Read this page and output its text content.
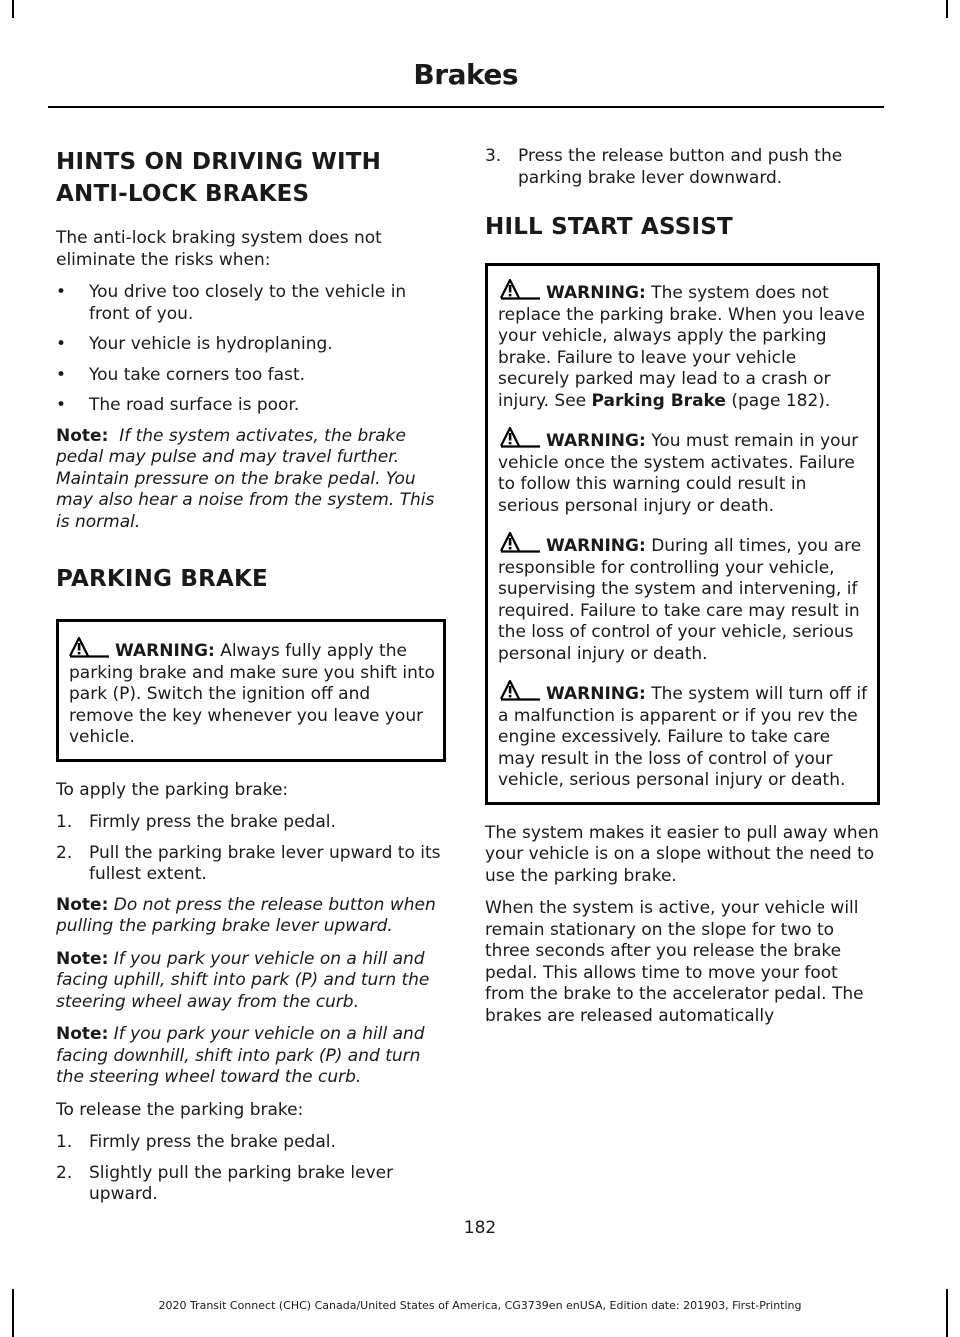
Brakes
HINTS ON DRIVING WITH
ANTI-LOCK BRAKES

The anti-lock braking system does not eliminate the risks when:

• You drive too closely to the vehicle in front of you.
• Your vehicle is hydroplaning.
• You take corners too fast.
• The road surface is poor.

Note: If the system activates, the brake pedal may pulse and may travel further. Maintain pressure on the brake pedal. You may also hear a noise from the system. This is normal.

PARKING BRAKE

WARNING: Always fully apply the parking brake and make sure you shift into park (P). Switch the ignition off and remove the key whenever you leave your vehicle.

To apply the parking brake:

1. Firmly press the brake pedal.
2. Pull the parking brake lever upward to its fullest extent.

Note: Do not press the release button when pulling the parking brake lever upward.

Note: If you park your vehicle on a hill and facing uphill, shift into park (P) and turn the steering wheel away from the curb.

Note: If you park your vehicle on a hill and facing downhill, shift into park (P) and turn the steering wheel toward the curb.

To release the parking brake:

1. Firmly press the brake pedal.
2. Slightly pull the parking brake lever upward.
3. Press the release button and push the parking brake lever downward.
HILL START ASSIST

WARNING: The system does not replace the parking brake. When you leave your vehicle, always apply the parking brake. Failure to leave your vehicle securely parked may lead to a crash or injury. See Parking Brake (page 182).

WARNING: You must remain in your vehicle once the system activates. Failure to follow this warning could result in serious personal injury or death.

WARNING: During all times, you are responsible for controlling your vehicle, supervising the system and intervening, if required. Failure to take care may result in the loss of control of your vehicle, serious personal injury or death.

WARNING: The system will turn off if a malfunction is apparent or if you rev the engine excessively. Failure to take care may result in the loss of control of your vehicle, serious personal injury or death.

The system makes it easier to pull away when your vehicle is on a slope without the need to use the parking brake.

When the system is active, your vehicle will remain stationary on the slope for two to three seconds after you release the brake pedal. This allows time to move your foot from the brake to the accelerator pedal. The brakes are released automatically

182
2020 Transit Connect (CHC) Canada/United States of America, CG3739en enUSA, Edition date: 201903, First-Printing
